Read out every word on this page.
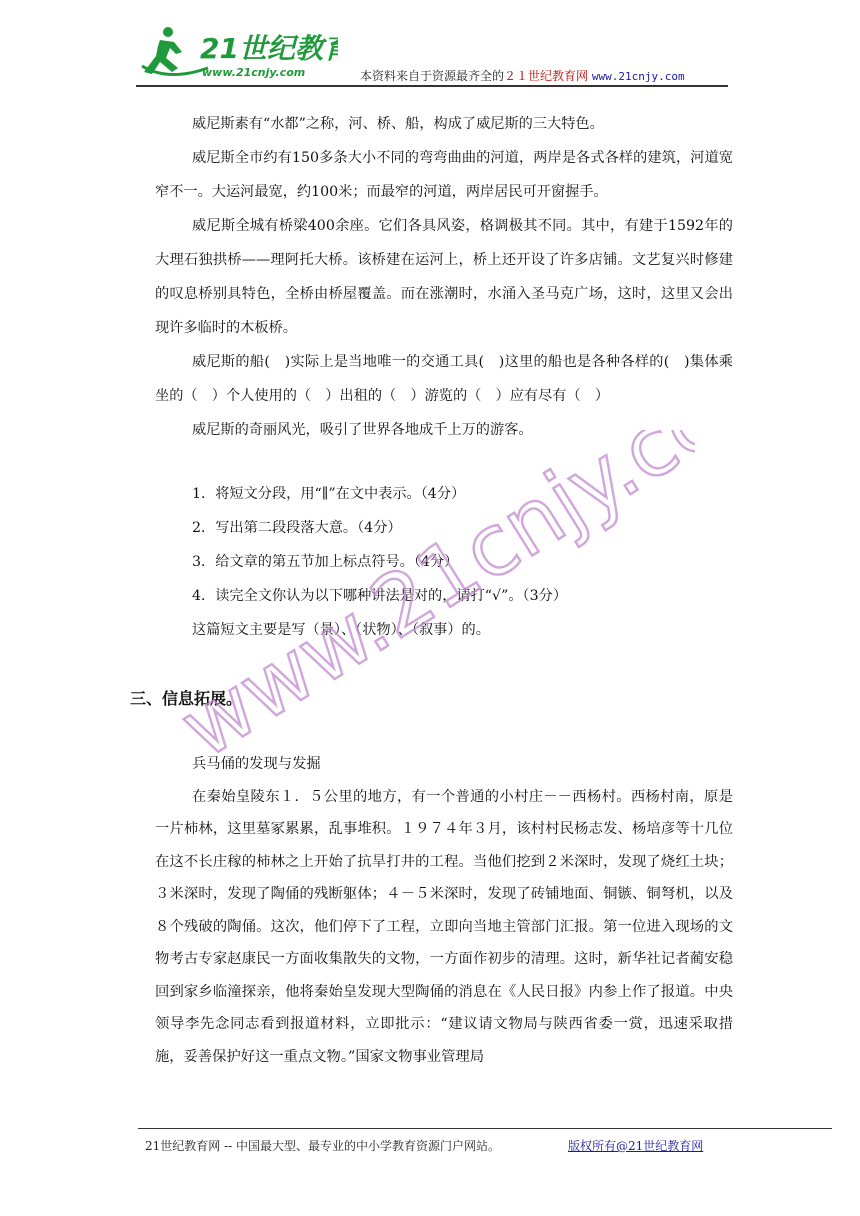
21世纪教育
www.21cnjy.com	本资料来自于资源最齐全的２１世纪教育网 www.21cnjy.com

威尼斯素有“水都”之称，河、桥、船，构成了威尼斯的三大特色。

威尼斯全市约有150多条大小不同的弯弯曲曲的河道，两岸是各式各样的建筑，河道宽窄不一。大运河最宽，约100米；而最窄的河道，两岸居民可开窗握手。

威尼斯全城有桥梁400余座。它们各具风姿，格调极其不同。其中，有建于1592年的大理石独拱桥——理阿托大桥。该桥建在运河上，桥上还开设了许多店铺。文艺复兴时修建的叹息桥别具特色，全桥由桥屋覆盖。而在涨潮时，水涌入圣马克广场，这时，这里又会出现许多临时的木板桥。

威尼斯的船(　)实际上是当地唯一的交通工具(　)这里的船也是各种各样的(　)集体乘坐的（　）个人使用的（　）出租的（　）游览的（　）应有尽有（　）

威尼斯的奇丽风光，吸引了世界各地成千上万的游客。

1．将短文分段，用“∥”在文中表示。（4分）

2．写出第二段段落大意。（4分）

3．给文章的第五节加上标点符号。（4分）

4．读完全文你认为以下哪种讲法是对的，请打“√”。（3分）

这篇短文主要是写（景）、（状物）、（叙事）的。

三、信息拓展。

兵马俑的发现与发掘

在秦始皇陵东１．５公里的地方，有一个普通的小村庄－－西杨村。西杨村南，原是一片柿林，这里墓冢累累，乱事堆积。１９７４年３月，该村村民杨志发、杨培彦等十几位在这不长庄稼的柿林之上开始了抗旱打井的工程。当他们挖到２米深时，发现了烧红土块；３米深时，发现了陶俑的残断躯体；４－５米深时，发现了砖铺地面、铜镞、铜弩机，以及８个残破的陶俑。这次，他们停下了工程，立即向当地主管部门汇报。第一位进入现场的文物考古专家赵康民一方面收集散失的文物，一方面作初步的清理。这时，新华社记者蔺安稳回到家乡临潼探亲，他将秦始皇发现大型陶俑的消息在《人民日报》内参上作了报道。中央领导李先念同志看到报道材料，立即批示：“建议请文物局与陕西省委一赏，迅速采取措施，妥善保护好这一重点文物。”国家文物事业管理局

www.21cnjy.com
21世纪教育网 -- 中国最大型、最专业的中小学教育资源门户网站。	版权所有@21世纪教育网
